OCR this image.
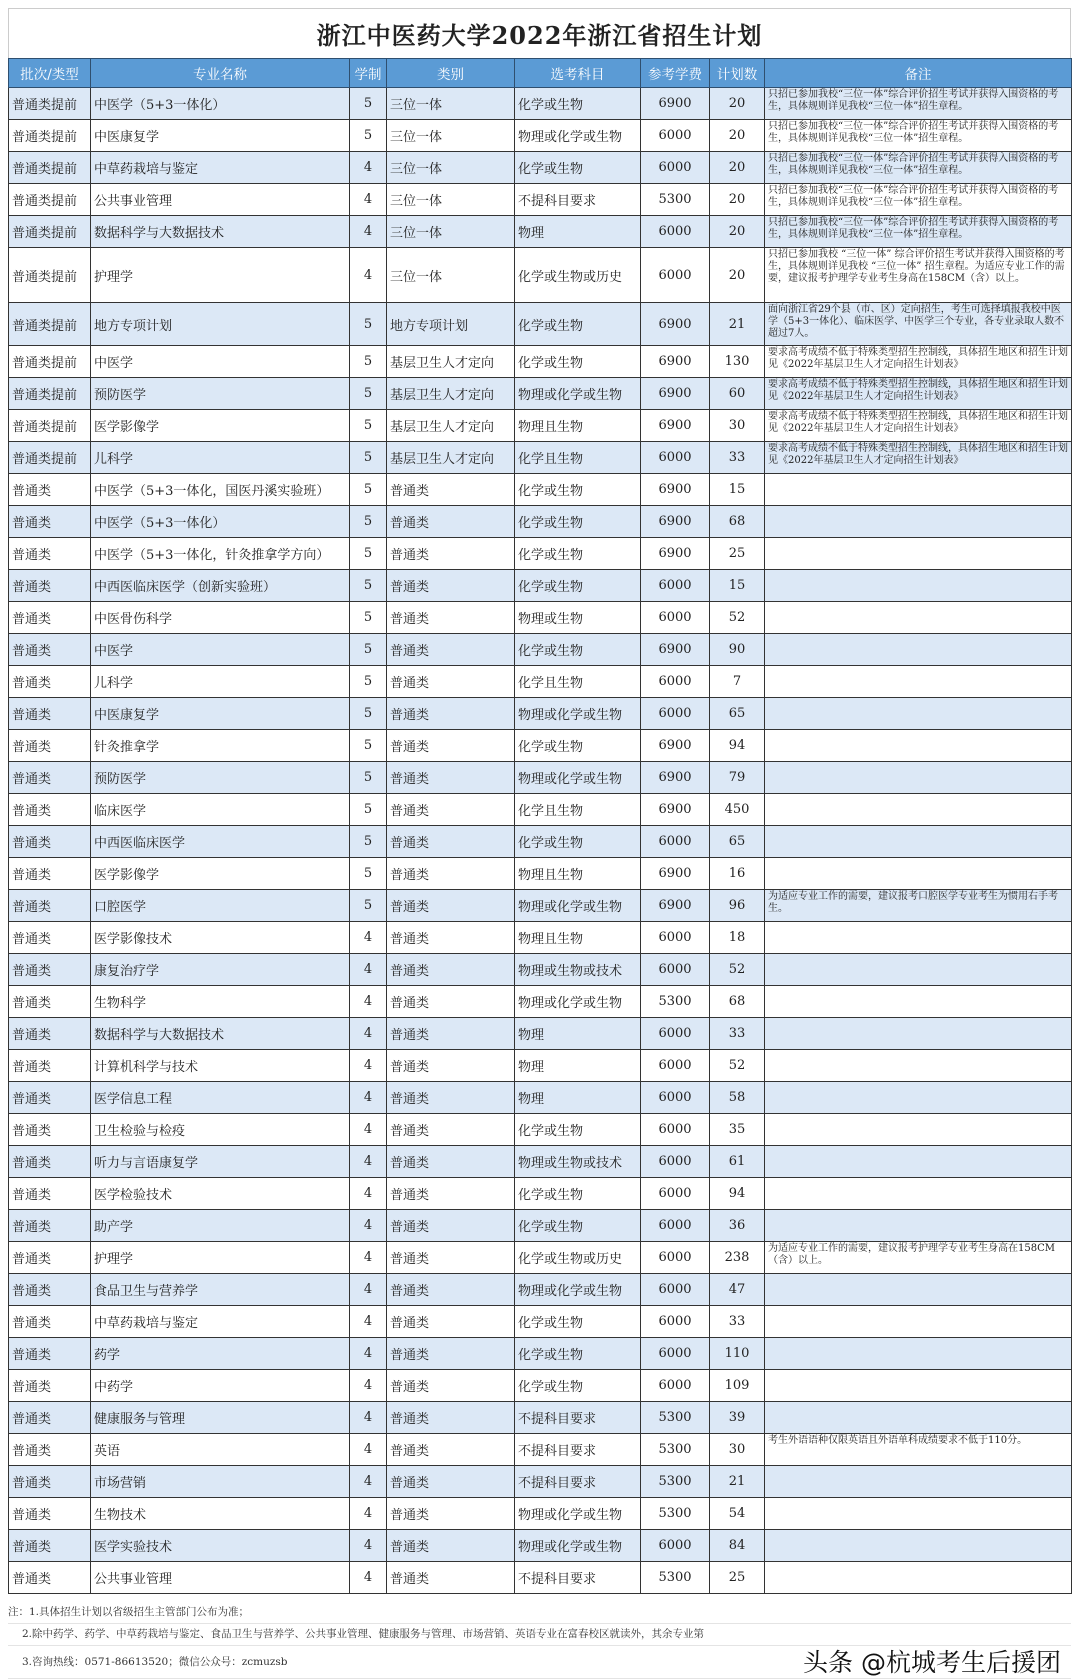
浙江中医药大学2022年浙江省招生计划
批次/类型	专业名称	学制	类别	选考科目	参考学费	计划数	备注
普通类提前	中医学（5+3一体化）	5	三位一体	化学或生物	6900	20	只招已参加我校“三位一体”综合评价招生考试并获得入围资格的考生，具体规则详见我校“三位一体”招生章程。
普通类提前	中医康复学	5	三位一体	物理或化学或生物	6000	20	只招已参加我校“三位一体”综合评价招生考试并获得入围资格的考生，具体规则详见我校“三位一体”招生章程。
普通类提前	中草药栽培与鉴定	4	三位一体	化学或生物	6000	20	只招已参加我校“三位一体”综合评价招生考试并获得入围资格的考生，具体规则详见我校“三位一体”招生章程。
普通类提前	公共事业管理	4	三位一体	不提科目要求	5300	20	只招已参加我校“三位一体”综合评价招生考试并获得入围资格的考生，具体规则详见我校“三位一体”招生章程。
普通类提前	数据科学与大数据技术	4	三位一体	物理	6000	20	只招已参加我校“三位一体”综合评价招生考试并获得入围资格的考生，具体规则详见我校“三位一体”招生章程。
普通类提前	护理学	4	三位一体	化学或生物或历史	6000	20	只招已参加我校 “三位一体” 综合评价招生考试并获得入围资格的考生，具体规则详见我校 “三位一体” 招生章程。为适应专业工作的需要，建议报考护理学专业考生身高在158CM（含）以上。
普通类提前	地方专项计划	5	地方专项计划	化学或生物	6900	21	面向浙江省29个县（市、区）定向招生，考生可选择填报我校中医学（5+3一体化）、临床医学、中医学三个专业，各专业录取人数不超过7人。
普通类提前	中医学	5	基层卫生人才定向	化学或生物	6900	130	要求高考成绩不低于特殊类型招生控制线，具体招生地区和招生计划见《2022年基层卫生人才定向招生计划表》
普通类提前	预防医学	5	基层卫生人才定向	物理或化学或生物	6900	60	要求高考成绩不低于特殊类型招生控制线，具体招生地区和招生计划见《2022年基层卫生人才定向招生计划表》
普通类提前	医学影像学	5	基层卫生人才定向	物理且生物	6900	30	要求高考成绩不低于特殊类型招生控制线，具体招生地区和招生计划见《2022年基层卫生人才定向招生计划表》
普通类提前	儿科学	5	基层卫生人才定向	化学且生物	6000	33	要求高考成绩不低于特殊类型招生控制线，具体招生地区和招生计划见《2022年基层卫生人才定向招生计划表》
普通类	中医学（5+3一体化，国医丹溪实验班）	5	普通类	化学或生物	6900	15	
普通类	中医学（5+3一体化）	5	普通类	化学或生物	6900	68	
普通类	中医学（5+3一体化，针灸推拿学方向）	5	普通类	化学或生物	6900	25	
普通类	中西医临床医学（创新实验班）	5	普通类	化学或生物	6000	15	
普通类	中医骨伤科学	5	普通类	物理或生物	6000	52	
普通类	中医学	5	普通类	化学或生物	6900	90	
普通类	儿科学	5	普通类	化学且生物	6000	7	
普通类	中医康复学	5	普通类	物理或化学或生物	6000	65	
普通类	针灸推拿学	5	普通类	化学或生物	6900	94	
普通类	预防医学	5	普通类	物理或化学或生物	6900	79	
普通类	临床医学	5	普通类	化学且生物	6900	450	
普通类	中西医临床医学	5	普通类	化学或生物	6000	65	
普通类	医学影像学	5	普通类	物理且生物	6900	16	
普通类	口腔医学	5	普通类	物理或化学或生物	6900	96	为适应专业工作的需要，建议报考口腔医学专业考生为惯用右手考生。
普通类	医学影像技术	4	普通类	物理且生物	6000	18	
普通类	康复治疗学	4	普通类	物理或生物或技术	6000	52	
普通类	生物科学	4	普通类	物理或化学或生物	5300	68	
普通类	数据科学与大数据技术	4	普通类	物理	6000	33	
普通类	计算机科学与技术	4	普通类	物理	6000	52	
普通类	医学信息工程	4	普通类	物理	6000	58	
普通类	卫生检验与检疫	4	普通类	化学或生物	6000	35	
普通类	听力与言语康复学	4	普通类	物理或生物或技术	6000	61	
普通类	医学检验技术	4	普通类	化学或生物	6000	94	
普通类	助产学	4	普通类	化学或生物	6000	36	
普通类	护理学	4	普通类	化学或生物或历史	6000	238	为适应专业工作的需要，建议报考护理学专业考生身高在158CM（含）以上。
普通类	食品卫生与营养学	4	普通类	物理或化学或生物	6000	47	
普通类	中草药栽培与鉴定	4	普通类	化学或生物	6000	33	
普通类	药学	4	普通类	化学或生物	6000	110	
普通类	中药学	4	普通类	化学或生物	6000	109	
普通类	健康服务与管理	4	普通类	不提科目要求	5300	39	
普通类	英语	4	普通类	不提科目要求	5300	30	考生外语语种仅限英语且外语单科成绩要求不低于110分。
普通类	市场营销	4	普通类	不提科目要求	5300	21	
普通类	生物技术	4	普通类	物理或化学或生物	5300	54	
普通类	医学实验技术	4	普通类	物理或化学或生物	6000	84	
普通类	公共事业管理	4	普通类	不提科目要求	5300	25	
注：1.具体招生计划以省级招生主管部门公布为准；
2.除中药学、药学、中草药栽培与鉴定、食品卫生与营养学、公共事业管理、健康服务与管理、市场营销、英语专业在富春校区就读外，其余专业第
3.咨询热线：0571-86613520；微信公众号：zcmuzsb	头条 @杭城考生后援团
